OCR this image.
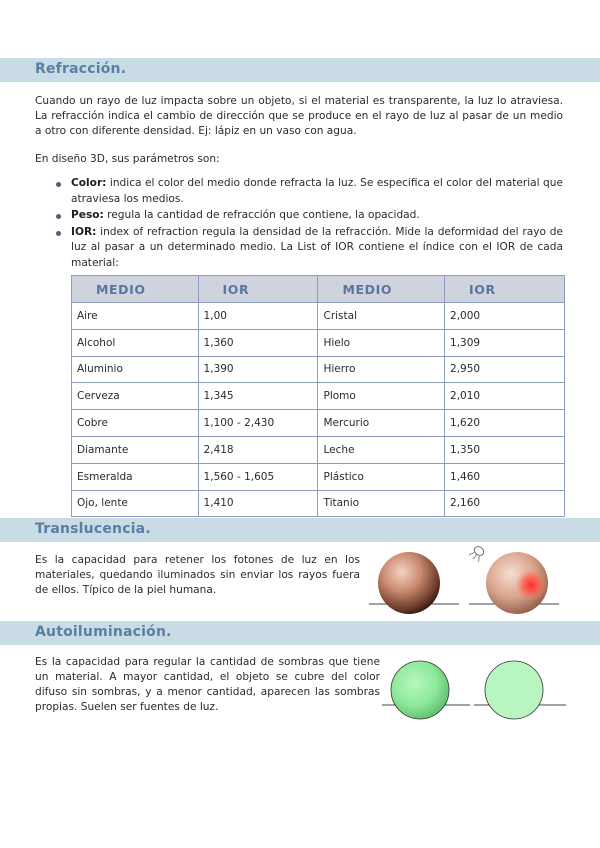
Refracción.
Cuando un rayo de luz impacta sobre un objeto, si el material es transparente, la luz lo atraviesa. La refracción indica el cambio de dirección que se produce en el rayo de luz al pasar de un medio a otro con diferente densidad. Ej: lápiz en un vaso con agua.
En diseño 3D, sus parámetros son:
Color: indica el color del medio donde refracta la luz. Se especifica el color del material que atraviesa los medios.
Peso: regula la cantidad de refracción que contiene, la opacidad.
IOR: index of refraction regula la densidad de la refracción. Mide la deformidad del rayo de luz al pasar a un determinado medio. La List of IOR contiene el índice con el IOR de cada material:
MEDIO	IOR	MEDIO	IOR
Aire	1,00	Cristal	2,000
Alcohol	1,360	Hielo	1,309
Aluminio	1,390	Hierro	2,950
Cerveza	1,345	Plomo	2,010
Cobre	1,100 - 2,430	Mercurio	1,620
Diamante	2,418	Leche	1,350
Esmeralda	1,560 - 1,605	Plástico	1,460
Ojo, lente	1,410	Titanio	2,160
Translucencia.
Es la capacidad para retener los fotones de luz en los materiales, quedando iluminados sin enviar los rayos fuera de ellos. Típico de la piel humana.
Autoiluminación.
Es la capacidad para regular la cantidad de sombras que tiene un material. A mayor cantidad, el objeto se cubre del color difuso sin sombras, y a menor cantidad, aparecen las sombras propias. Suelen ser fuentes de luz.
